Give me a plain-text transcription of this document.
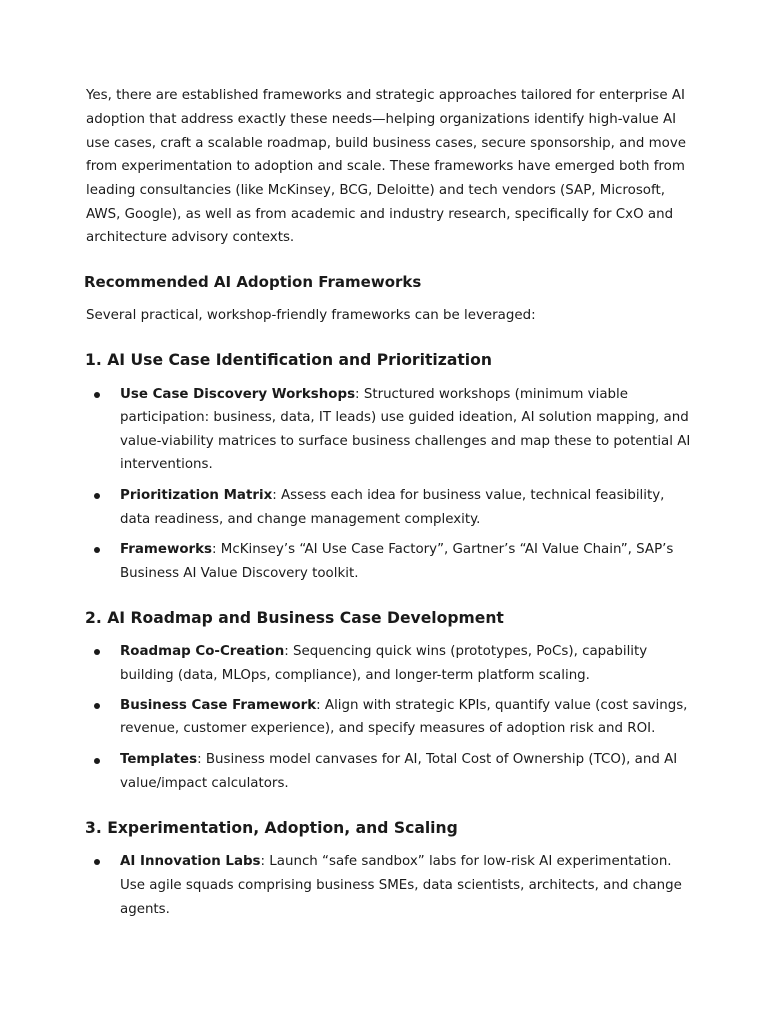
Yes, there are established frameworks and strategic approaches tailored for enterprise AI
adoption that address exactly these needs—helping organizations identify high-value AI
use cases, craft a scalable roadmap, build business cases, secure sponsorship, and move
from experimentation to adoption and scale. These frameworks have emerged both from
leading consultancies (like McKinsey, BCG, Deloitte) and tech vendors (SAP, Microsoft,
AWS, Google), as well as from academic and industry research, specifically for CxO and
architecture advisory contexts.
Recommended AI Adoption Frameworks
Several practical, workshop-friendly frameworks can be leveraged:
1. AI Use Case Identification and Prioritization
Use Case Discovery Workshops: Structured workshops (minimum viable
participation: business, data, IT leads) use guided ideation, AI solution mapping, and
value-viability matrices to surface business challenges and map these to potential AI
interventions.
Prioritization Matrix: Assess each idea for business value, technical feasibility,
data readiness, and change management complexity.
Frameworks: McKinsey’s “AI Use Case Factory”, Gartner’s “AI Value Chain”, SAP’s
Business AI Value Discovery toolkit.
2. AI Roadmap and Business Case Development
Roadmap Co-Creation: Sequencing quick wins (prototypes, PoCs), capability
building (data, MLOps, compliance), and longer-term platform scaling.
Business Case Framework: Align with strategic KPIs, quantify value (cost savings,
revenue, customer experience), and specify measures of adoption risk and ROI.
Templates: Business model canvases for AI, Total Cost of Ownership (TCO), and AI
value/impact calculators.
3. Experimentation, Adoption, and Scaling
AI Innovation Labs: Launch “safe sandbox” labs for low-risk AI experimentation.
Use agile squads comprising business SMEs, data scientists, architects, and change
agents.
